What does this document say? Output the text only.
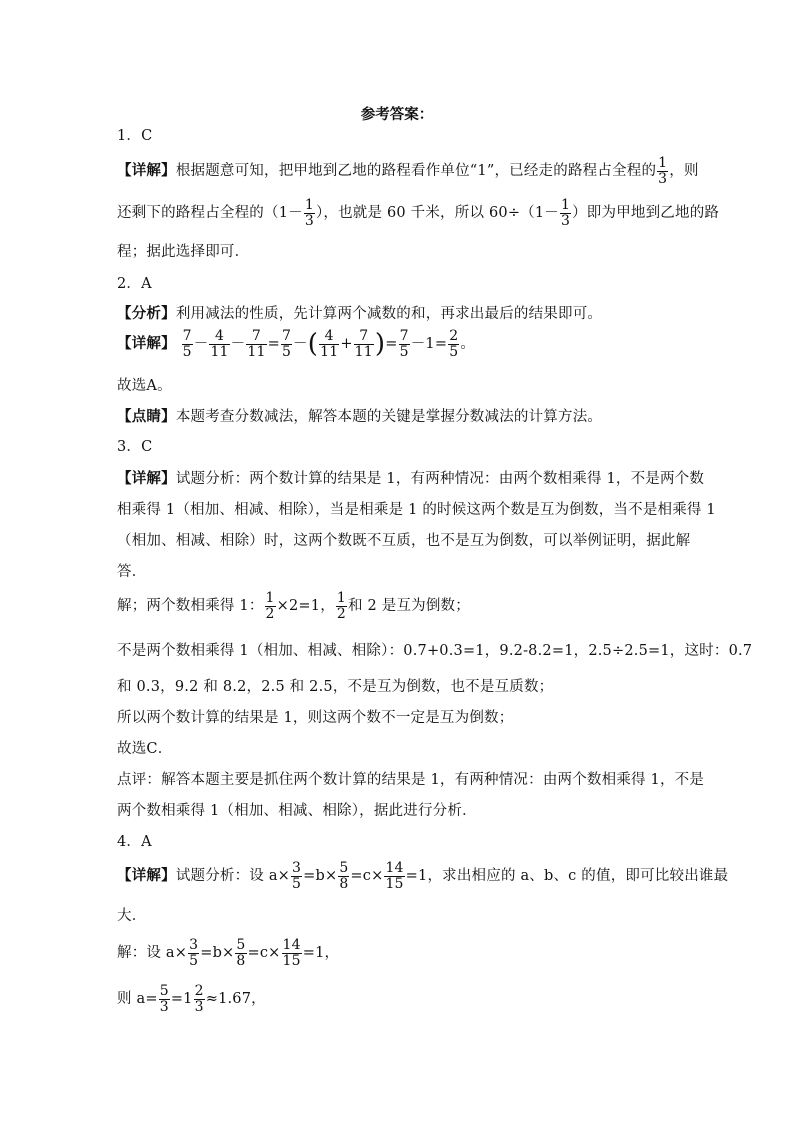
参考答案：
1．C
【详解】根据题意可知，把甲地到乙地的路程看作单位“1”，已经走的路程占全程的 $\frac{1}{3}$ ，则
还剩下的路程占全程的（$1- \frac{1}{3}$ ），也就是 60 千米，所以 $60\div(1- \frac{1}{3}$ ）即为甲地到乙地的路
程；据此选择即可．
2．A
【分析】利用减法的性质，先计算两个减数的和，再求出最后的结果即可。
【详解】 $\frac{7}{5} - \frac{4}{11} - \frac{7}{11} = \frac{7}{5}$ －( $\frac{4}{11} + \frac{7}{11}$ )= $\frac{7}{5} -1= \frac{2}{5}$ 。
故选A。
【点睛】本题考查分数减法，解答本题的关键是掌握分数减法的计算方法。
3．C
【详解】试题分析：两个数计算的结果是 1，有两种情况：由两个数相乘得 1，不是两个数
相乘得 1（相加、相减、相除），当是相乘是 1 的时候这两个数是互为倒数，当不是相乘得 1
（相加、相减、相除）时，这两个数既不互质，也不是互为倒数，可以举例证明，据此解
答．
解；两个数相乘得 1： $\frac{1}{2} \times 2=1$， $\frac{1}{2}$ 和 2 是互为倒数；
不是两个数相乘得 1（相加、相减、相除）：0.7+0.3=1，9.2-8.2=1，2.5÷2.5=1，这时：0.7
和 0.3，9.2 和 8.2，2.5 和 2.5，不是互为倒数，也不是互质数；
所以两个数计算的结果是 1，则这两个数不一定是互为倒数；
故选C．
点评：解答本题主要是抓住两个数计算的结果是 1，有两种情况：由两个数相乘得 1，不是
两个数相乘得 1（相加、相减、相除），据此进行分析．
4．A
【详解】试题分析：设 $a\times \frac{3}{5} =b\times \frac{5}{8} =c\times \frac{14}{15} =1$，求出相应的 a、b、c 的值，即可比较出谁最
大．
解：设 $a\times \frac{3}{5} =b\times \frac{5}{8} =c\times \frac{14}{15} =1$，
则 $a= \frac{5}{3} =1 \frac{2}{3} \approx 1.67$，
